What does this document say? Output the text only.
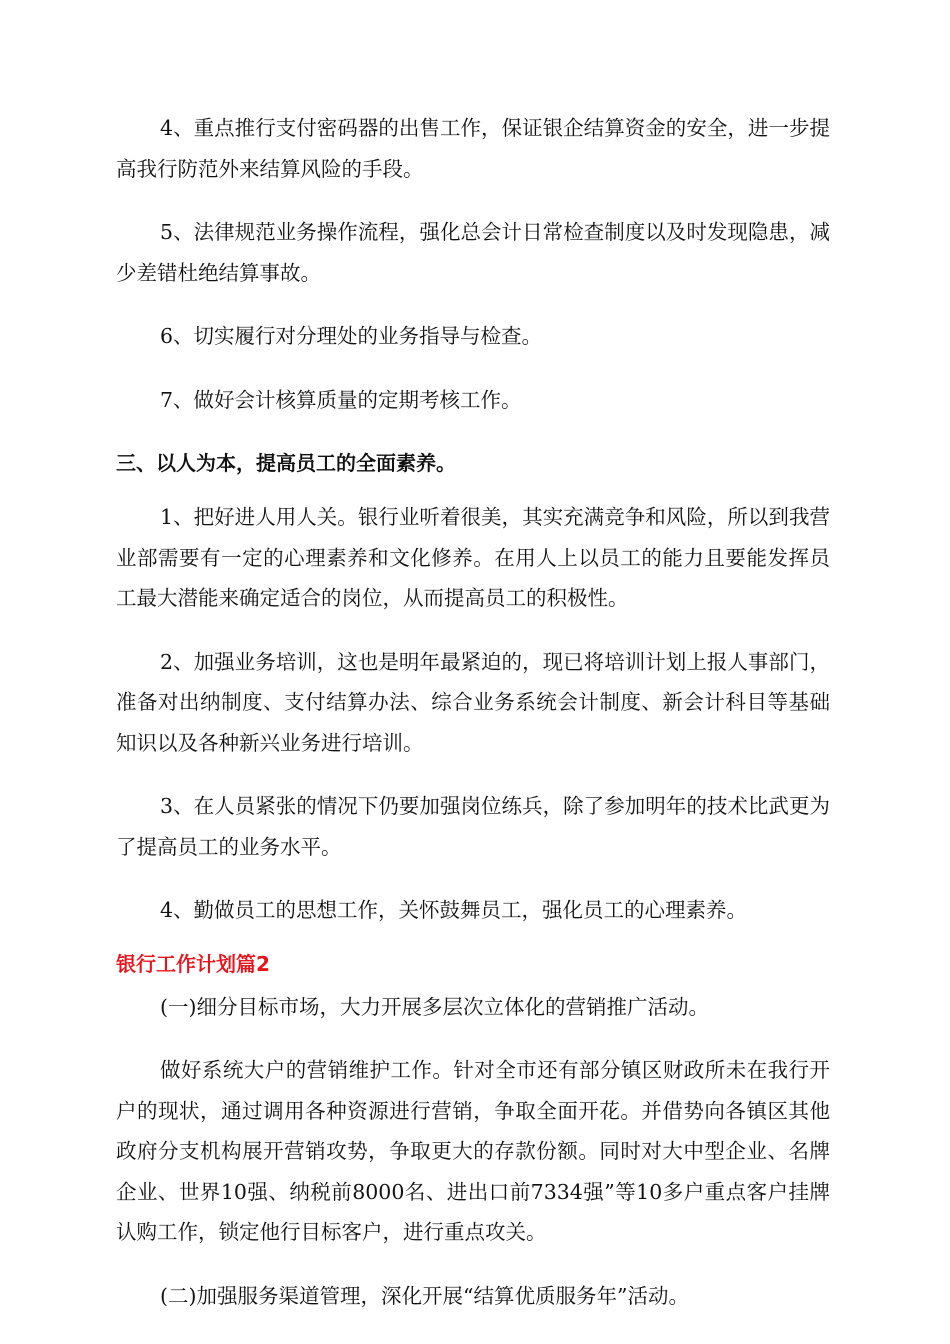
4、重点推行支付密码器的出售工作，保证银企结算资金的安全，进一步提高我行防范外来结算风险的手段。

5、法律规范业务操作流程，强化总会计日常检查制度以及时发现隐患，减少差错杜绝结算事故。

6、切实履行对分理处的业务指导与检查。

7、做好会计核算质量的定期考核工作。

三、以人为本，提高员工的全面素养。

1、把好进人用人关。银行业听着很美，其实充满竞争和风险，所以到我营业部需要有一定的心理素养和文化修养。在用人上以员工的能力且要能发挥员工最大潜能来确定适合的岗位，从而提高员工的积极性。

2、加强业务培训，这也是明年最紧迫的，现已将培训计划上报人事部门，准备对出纳制度、支付结算办法、综合业务系统会计制度、新会计科目等基础知识以及各种新兴业务进行培训。

3、在人员紧张的情况下仍要加强岗位练兵，除了参加明年的技术比武更为了提高员工的业务水平。

4、勤做员工的思想工作，关怀鼓舞员工，强化员工的心理素养。

银行工作计划篇2

(一)细分目标市场，大力开展多层次立体化的营销推广活动。

做好系统大户的营销维护工作。针对全市还有部分镇区财政所未在我行开户的现状，通过调用各种资源进行营销，争取全面开花。并借势向各镇区其他政府分支机构展开营销攻势，争取更大的存款份额。同时对大中型企业、名牌企业、世界10强、纳税前8000名、进出口前7334强”等10多户重点客户挂牌认购工作，锁定他行目标客户，进行重点攻关。

(二)加强服务渠道管理，深化开展“结算优质服务年”活动。
